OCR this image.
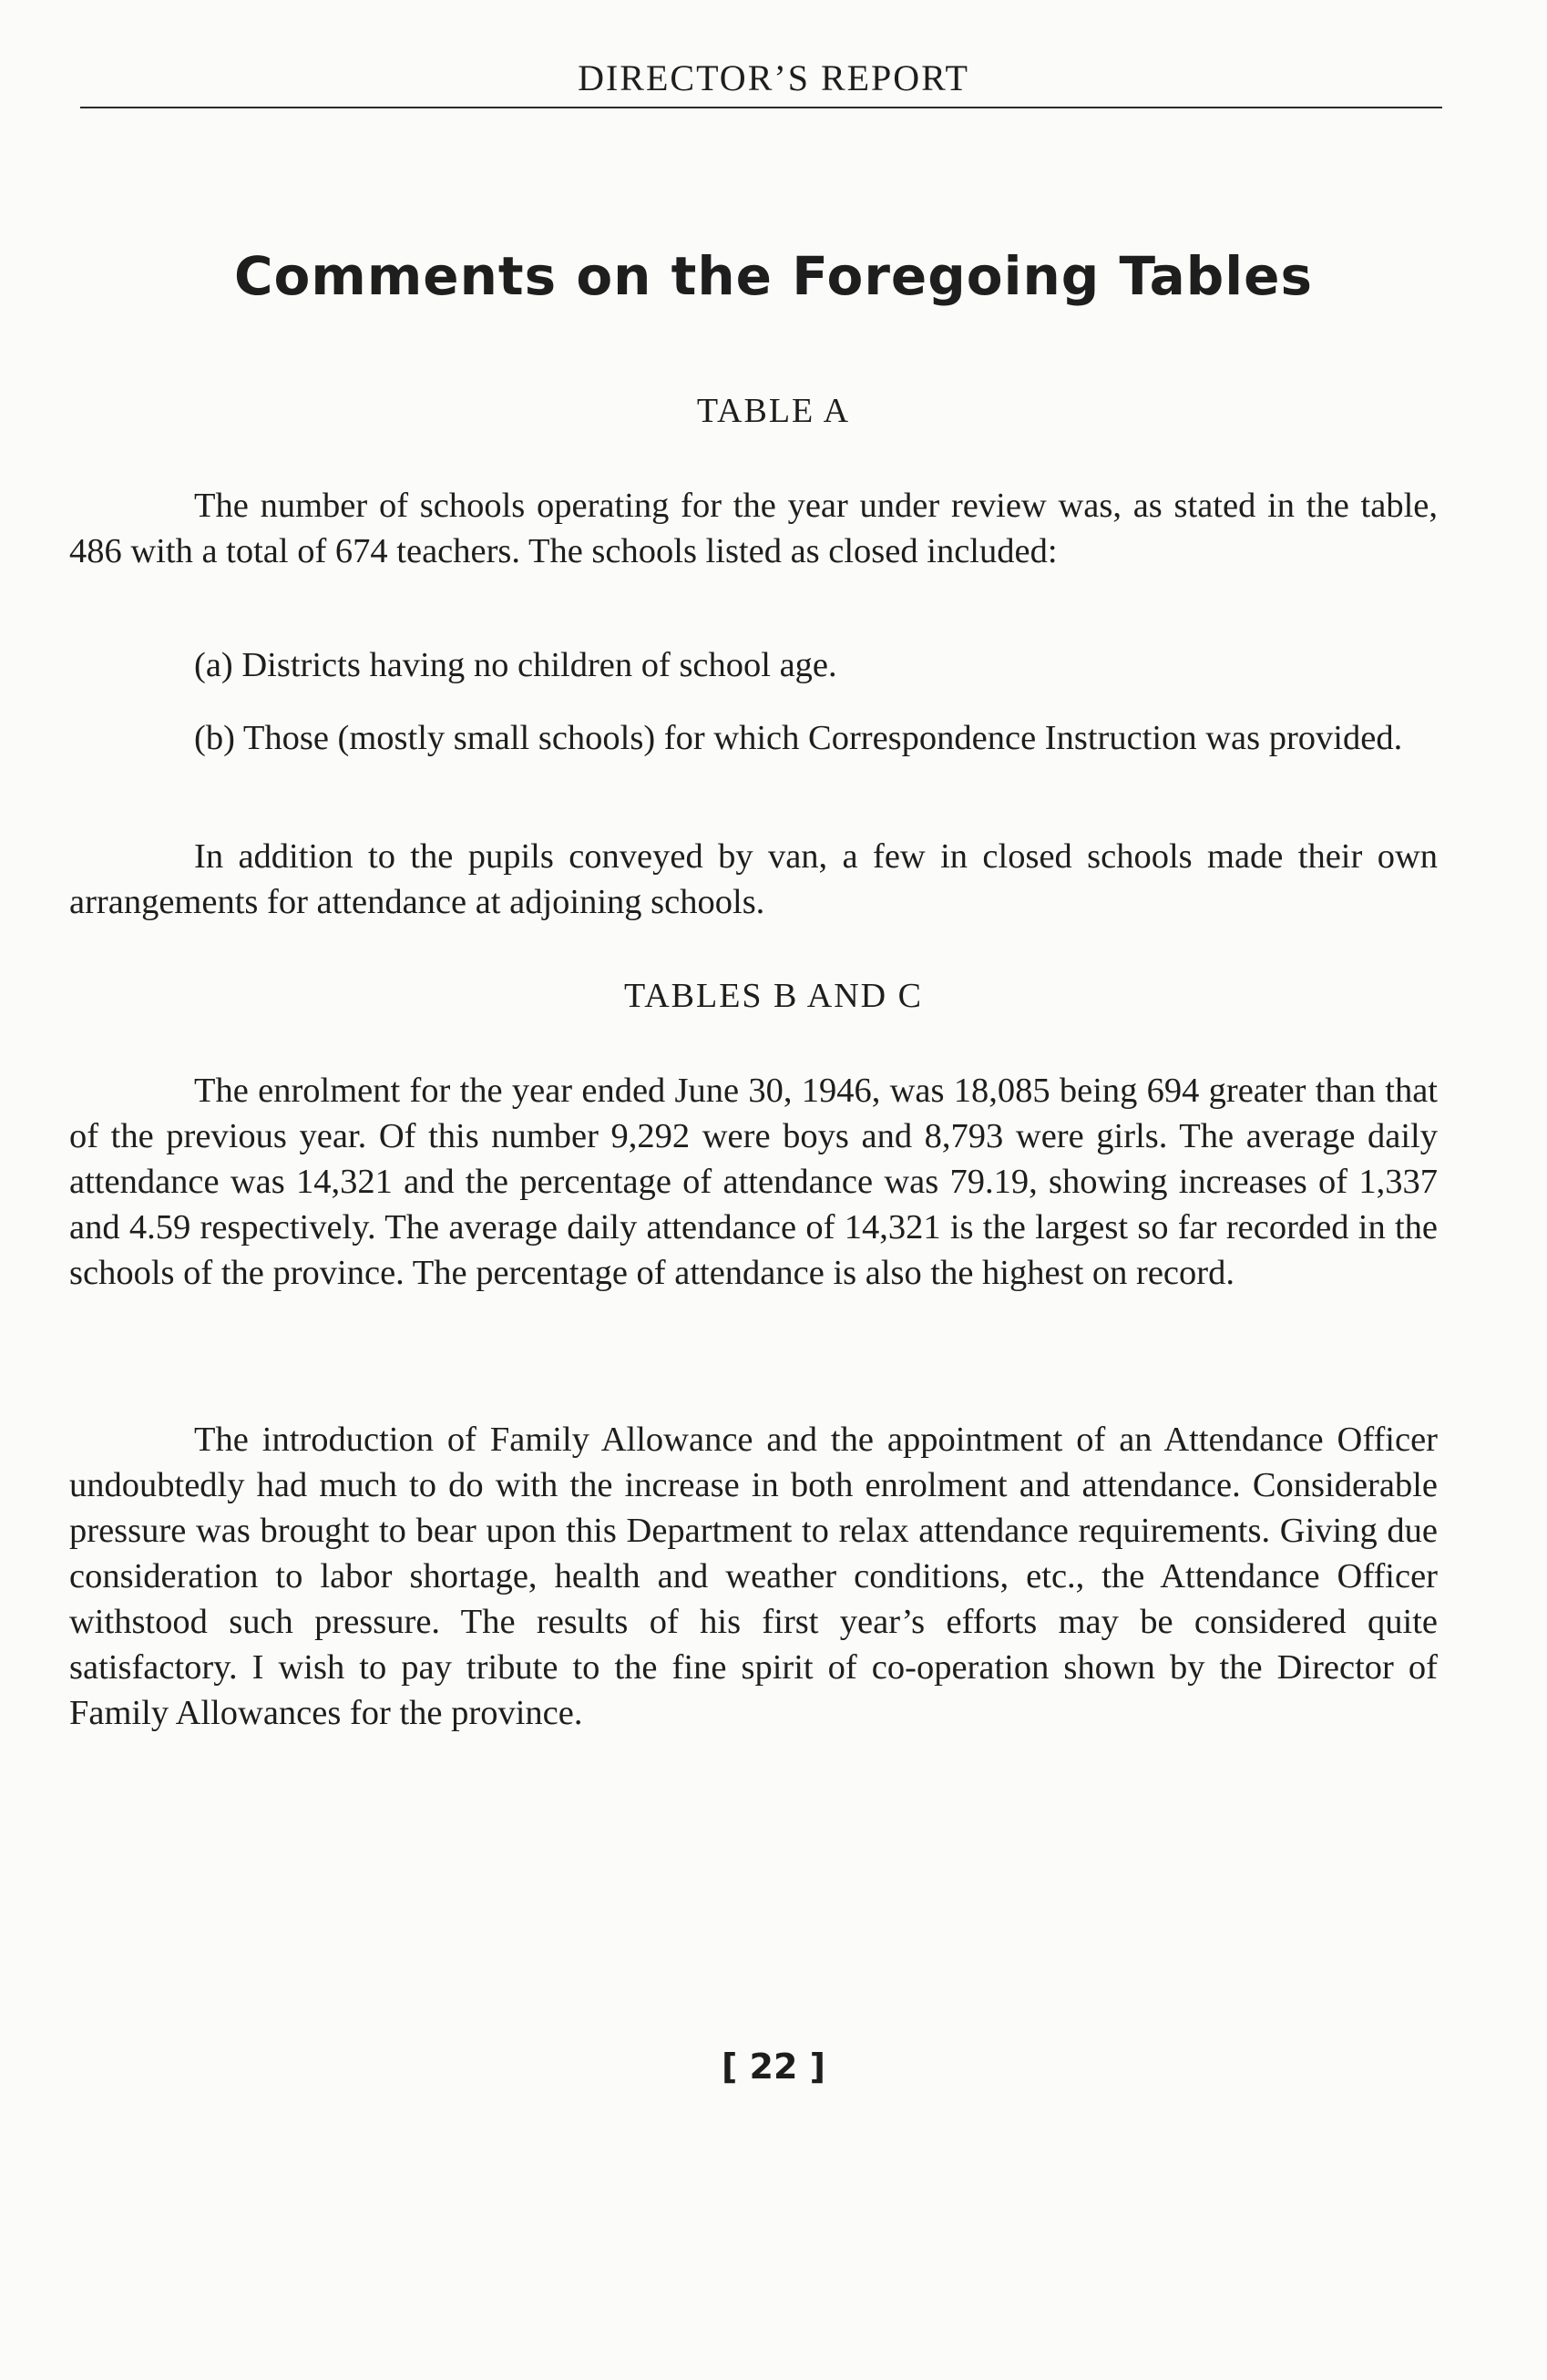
DIRECTOR’S REPORT
Comments on the Foregoing Tables
TABLE A

The number of schools operating for the year under review was, as stated in the table, 486 with a total of 674 teachers. The schools listed as closed included:

(a) Districts having no children of school age.

(b) Those (mostly small schools) for which Correspondence Instruction was provided.

In addition to the pupils conveyed by van, a few in closed schools made their own arrangements for attendance at adjoining schools.

TABLES B AND C

The enrolment for the year ended June 30, 1946, was 18,085 being 694 greater than that of the previous year. Of this number 9,292 were boys and 8,793 were girls. The average daily attendance was 14,321 and the percentage of attendance was 79.19, showing increases of 1,337 and 4.59 respectively. The average daily attendance of 14,321 is the largest so far recorded in the schools of the province. The percentage of attendance is also the highest on record.

The introduction of Family Allowance and the appointment of an Attendance Officer undoubtedly had much to do with the increase in both enrolment and attendance. Considerable pressure was brought to bear upon this Department to relax attendance requirements. Giving due consideration to labor shortage, health and weather conditions, etc., the Attendance Officer withstood such pressure. The results of his first year’s efforts may be considered quite satisfactory. I wish to pay tribute to the fine spirit of co-operation shown by the Director of Family Allowances for the province.

[ 22 ]
